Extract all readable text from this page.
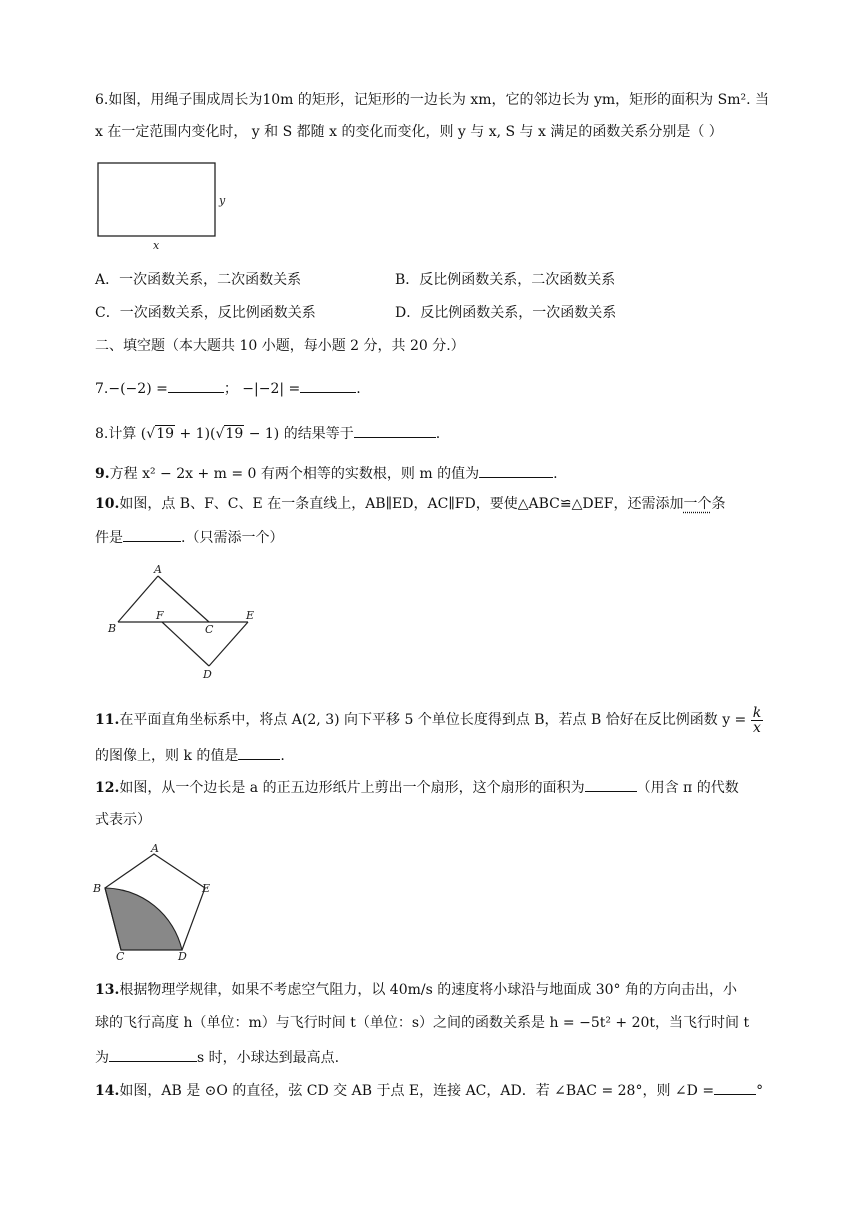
6.如图，用绳子围成周长为10m 的矩形，记矩形的一边长为 xm，它的邻边长为 ym，矩形的面积为 Sm². 当
x 在一定范围内变化时， y 和 S 都随 x 的变化而变化，则 y 与 x, S 与 x 满足的函数关系分别是（ ）
y
x
A．一次函数关系，二次函数关系	B．反比例函数关系，二次函数关系
C．一次函数关系，反比例函数关系	D．反比例函数关系，一次函数关系
二、填空题（本大题共 10 小题，每小题 2 分，共 20 分.）
7.−(−2) =	； −|−2| =	.
8.计算 (√19 + 1)(√19 − 1) 的结果等于	.
9.方程 x² − 2x + m = 0 有两个相等的实数根，则 m 的值为	.
10.如图，点 B、F、C、E 在一条直线上，AB∥ED，AC∥FD，要使△ABC≌△DEF，还需添加一个条
件是	.（只需添一个）
A
B
F
C
E
D
11.在平面直角坐标系中，将点 A(2, 3) 向下平移 5 个单位长度得到点 B，若点 B 恰好在反比例函数 $y = \frac{k}{x}$
的图像上，则 k 的值是	.
12.如图，从一个边长是 a 的正五边形纸片上剪出一个扇形，这个扇形的面积为	（用含 π 的代数
式表示）
A
B	E
C	D
13.根据物理学规律，如果不考虑空气阻力，以 40m/s 的速度将小球沿与地面成 30° 角的方向击出，小
球的飞行高度 h（单位：m）与飞行时间 t（单位：s）之间的函数关系是 h = −5t² + 20t，当飞行时间 t
为	s 时，小球达到最高点.
14.如图，AB 是 ⊙O 的直径，弦 CD 交 AB 于点 E，连接 AC，AD．若 ∠BAC = 28°，则 ∠D =	°
